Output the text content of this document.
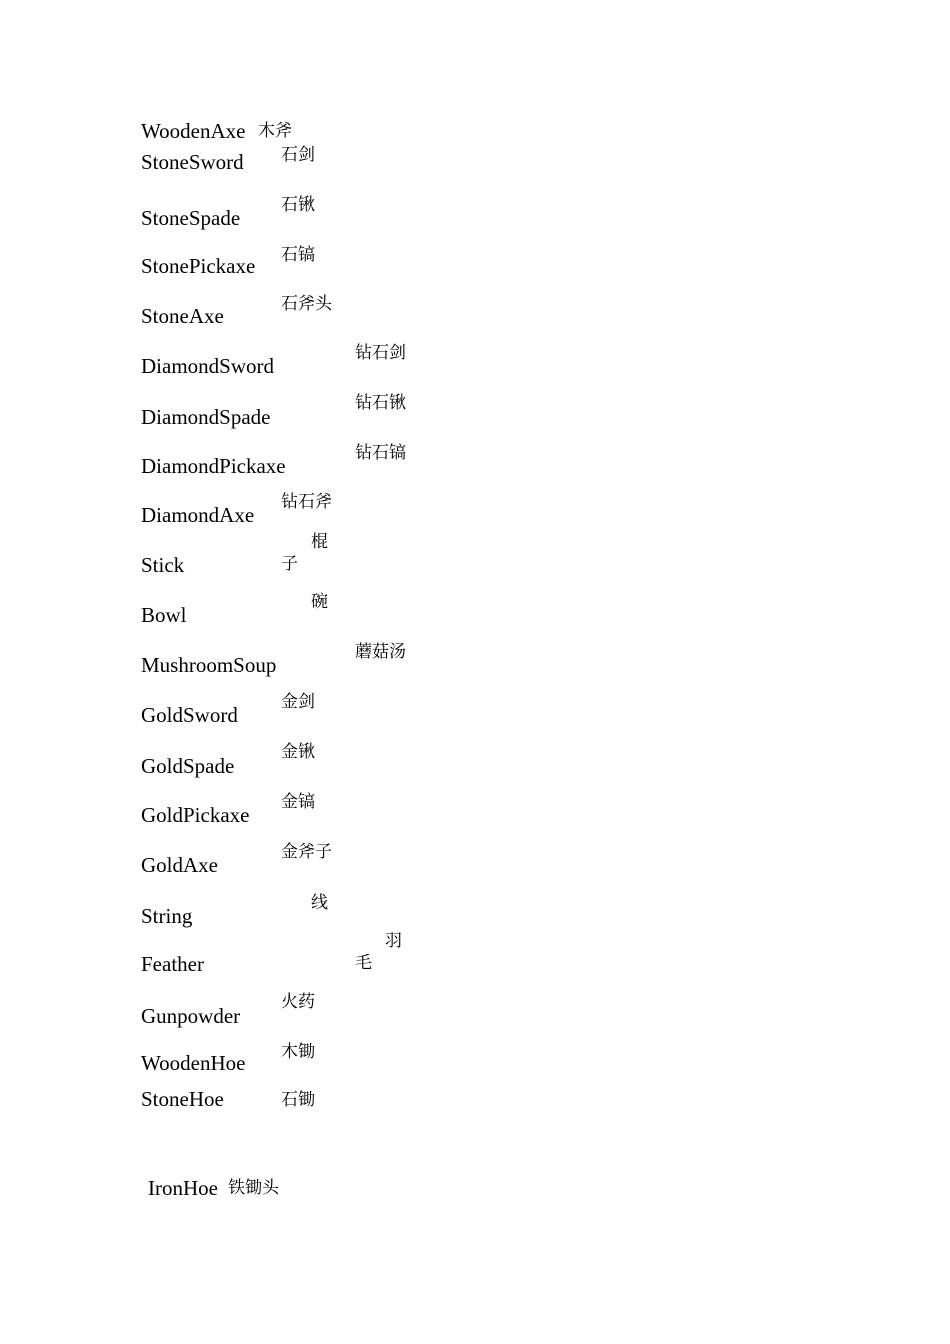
WoodenAxe 木斧
StoneSword 石剑
StoneSpade
石锹
StonePickaxe 石镐
StoneAxe	石斧头
DiamondSword
钻石剑
DiamondSpade
钻石锹
DiamondPickaxe
钻石镐
DiamondAxe
钻石斧
Stick
棍
子
Bowl
碗
MushroomSoup
蘑菇汤
GoldSword
金剑
GoldSpade
金锹
GoldPickaxe
金镐
GoldAxe
金斧子
String
线
Feather
羽
毛
Gunpowder
火药
WoodenHoe 木锄
StoneHoe	石锄
IronHoe 铁锄头
